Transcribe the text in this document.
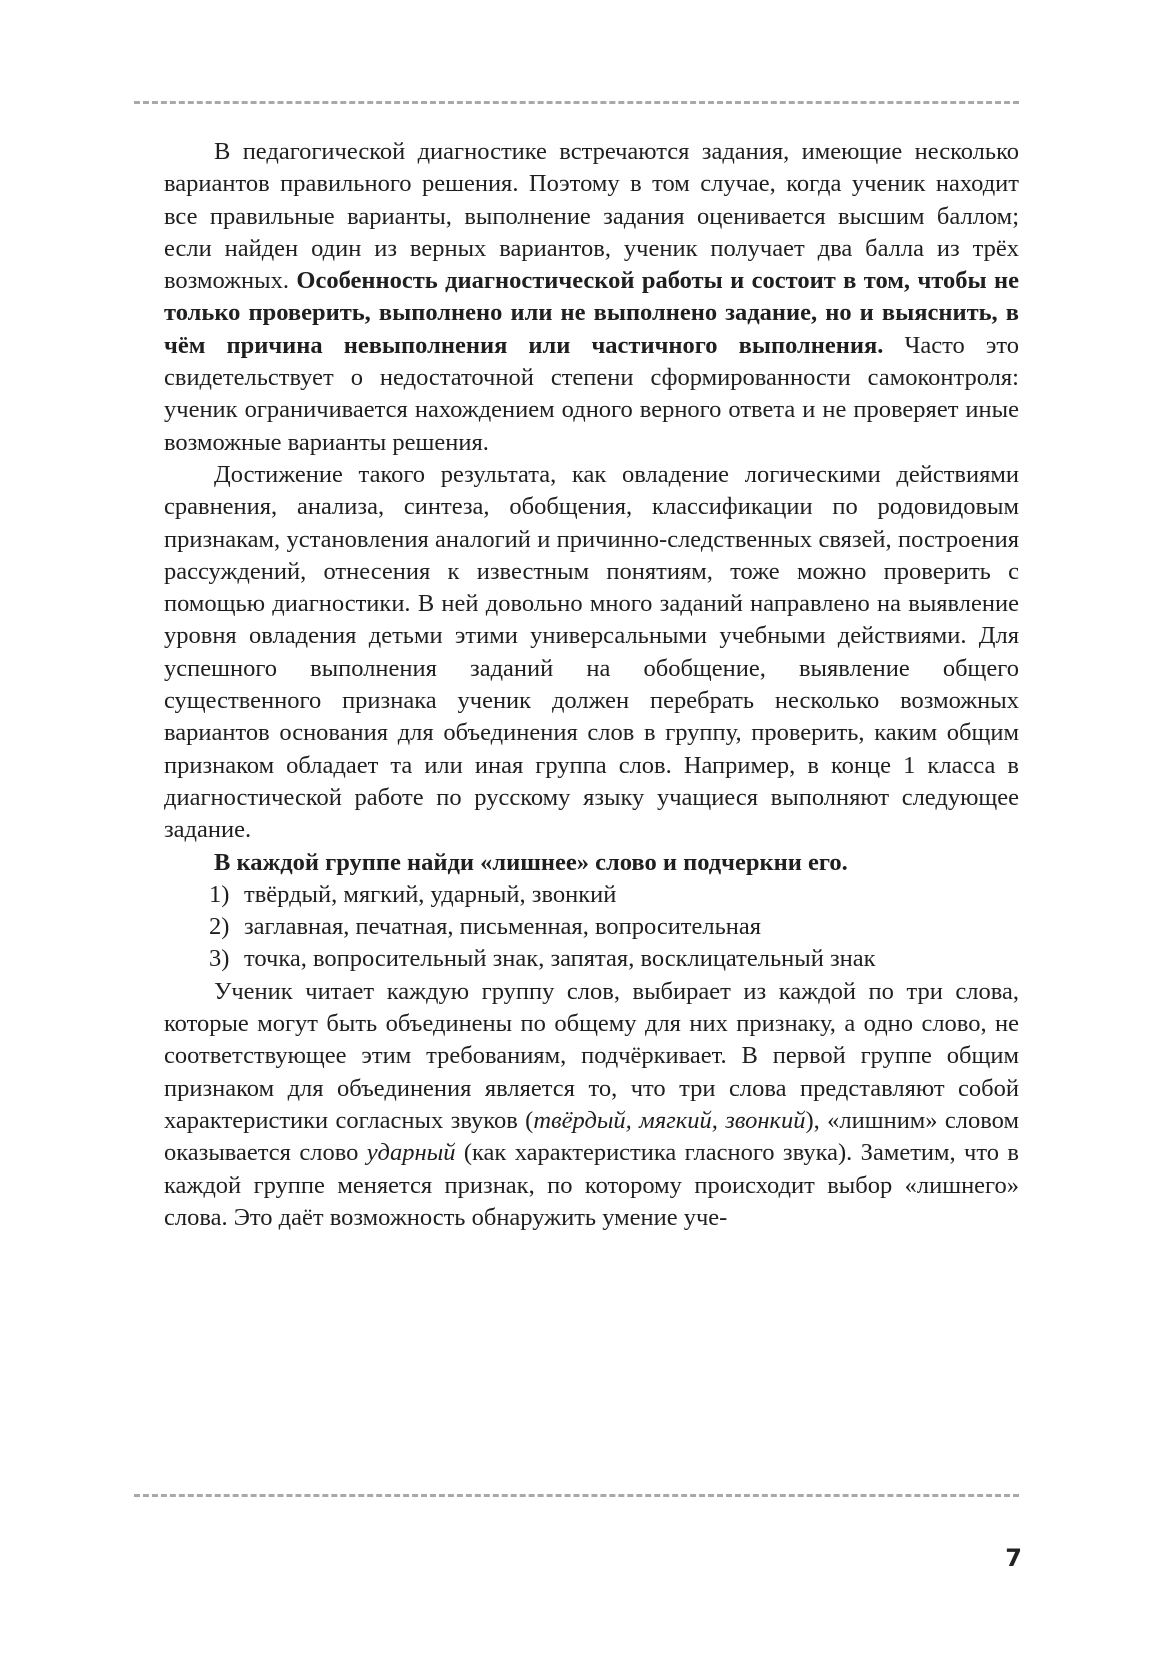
В педагогической диагностике встречаются задания, имеющие несколько вариантов правильного решения. Поэтому в том случае, когда ученик находит все правильные варианты, выполнение задания оценивается высшим баллом; если найден один из верных вариантов, ученик получает два балла из трёх возможных. Особенность диагностической работы и состоит в том, чтобы не только проверить, выполнено или не выполнено задание, но и выяснить, в чём причина невыполнения или частичного выполнения. Часто это свидетельствует о недостаточной степени сформированности самоконтроля: ученик ограничивается нахождением одного верного ответа и не проверяет иные возможные варианты решения.

Достижение такого результата, как овладение логическими действиями сравнения, анализа, синтеза, обобщения, классификации по родовидовым признакам, установления аналогий и причинно-следственных связей, построения рассуждений, отнесения к известным понятиям, тоже можно проверить с помощью диагностики. В ней довольно много заданий направлено на выявление уровня овладения детьми этими универсальными учебными действиями. Для успешного выполнения заданий на обобщение, выявление общего существенного признака ученик должен перебрать несколько возможных вариантов основания для объединения слов в группу, проверить, каким общим признаком обладает та или иная группа слов. Например, в конце 1 класса в диагностической работе по русскому языку учащиеся выполняют следующее задание.

В каждой группе найди «лишнее» слово и подчеркни его.

1) твёрдый, мягкий, ударный, звонкий
2) заглавная, печатная, письменная, вопросительная
3) точка, вопросительный знак, запятая, восклицательный знак

Ученик читает каждую группу слов, выбирает из каждой по три слова, которые могут быть объединены по общему для них признаку, а одно слово, не соответствующее этим требованиям, подчёркивает. В первой группе общим признаком для объединения является то, что три слова представляют собой характеристики согласных звуков (твёрдый, мягкий, звонкий), «лишним» словом оказывается слово ударный (как характеристика гласного звука). Заметим, что в каждой группе меняется признак, по которому происходит выбор «лишнего» слова. Это даёт возможность обнаружить умение уче-

7
